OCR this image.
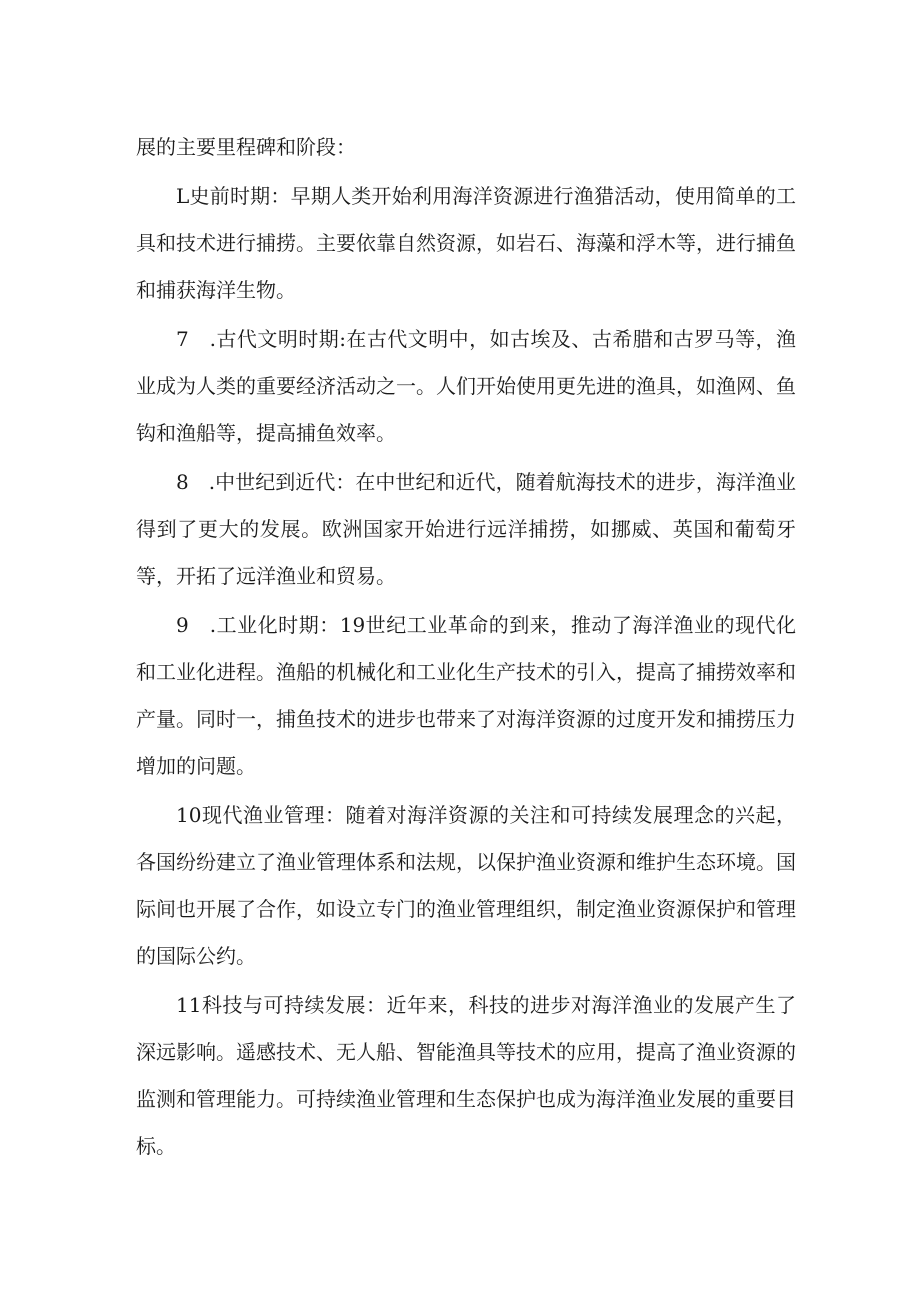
展的主要里程碑和阶段：

L史前时期：早期人类开始利用海洋资源进行渔猎活动，使用简单的工具和技术进行捕捞。主要依靠自然资源，如岩石、海藻和浮木等，进行捕鱼和捕获海洋生物。

7　.古代文明时期:在古代文明中，如古埃及、古希腊和古罗马等，渔业成为人类的重要经济活动之一。人们开始使用更先进的渔具，如渔网、鱼钩和渔船等，提高捕鱼效率。

8　.中世纪到近代：在中世纪和近代，随着航海技术的进步，海洋渔业得到了更大的发展。欧洲国家开始进行远洋捕捞，如挪威、英国和葡萄牙等，开拓了远洋渔业和贸易。

9　.工业化时期：19世纪工业革命的到来，推动了海洋渔业的现代化和工业化进程。渔船的机械化和工业化生产技术的引入，提高了捕捞效率和产量。同时一，捕鱼技术的进步也带来了对海洋资源的过度开发和捕捞压力增加的问题。

10现代渔业管理：随着对海洋资源的关注和可持续发展理念的兴起，各国纷纷建立了渔业管理体系和法规，以保护渔业资源和维护生态环境。国际间也开展了合作，如设立专门的渔业管理组织，制定渔业资源保护和管理的国际公约。

11科技与可持续发展：近年来，科技的进步对海洋渔业的发展产生了深远影响。遥感技术、无人船、智能渔具等技术的应用，提高了渔业资源的监测和管理能力。可持续渔业管理和生态保护也成为海洋渔业发展的重要目标。
